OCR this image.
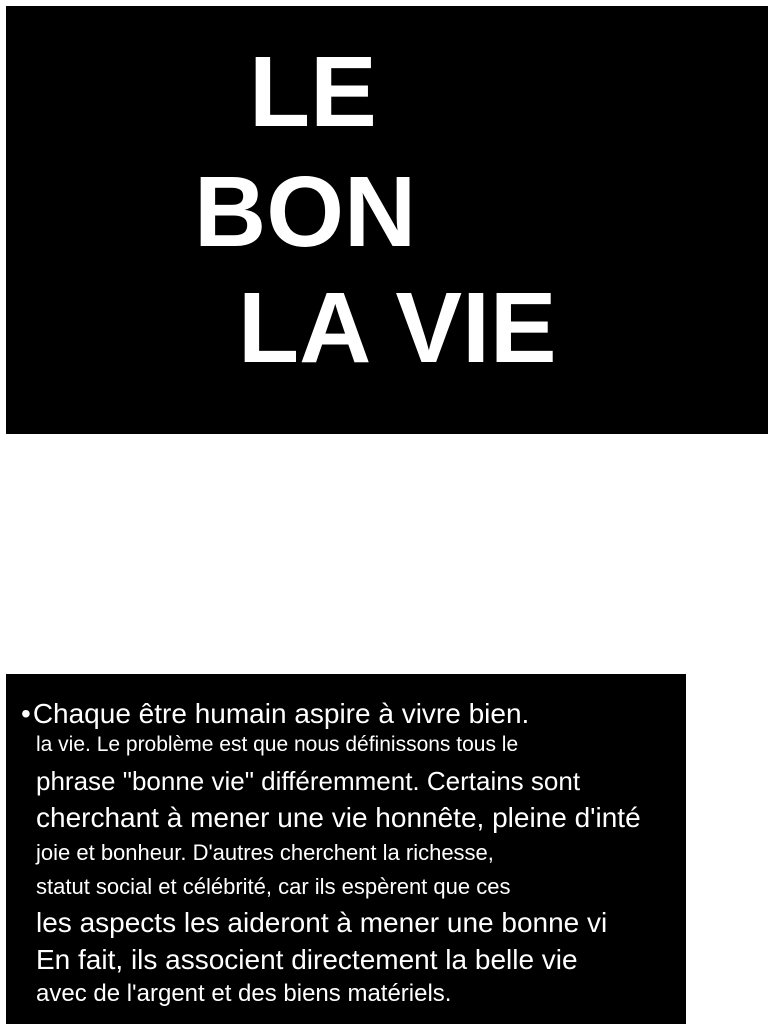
LE
BON
LA VIE

•Chaque être humain aspire à vivre bien.

la vie. Le problème est que nous définissons tous le

phrase "bonne vie" différemment. Certains sont

cherchant à mener une vie honnête, pleine d'inté

joie et bonheur. D'autres cherchent la richesse,

statut social et célébrité, car ils espèrent que ces

les aspects les aideront à mener une bonne vi

En fait, ils associent directement la belle vie

avec de l'argent et des biens matériels.
